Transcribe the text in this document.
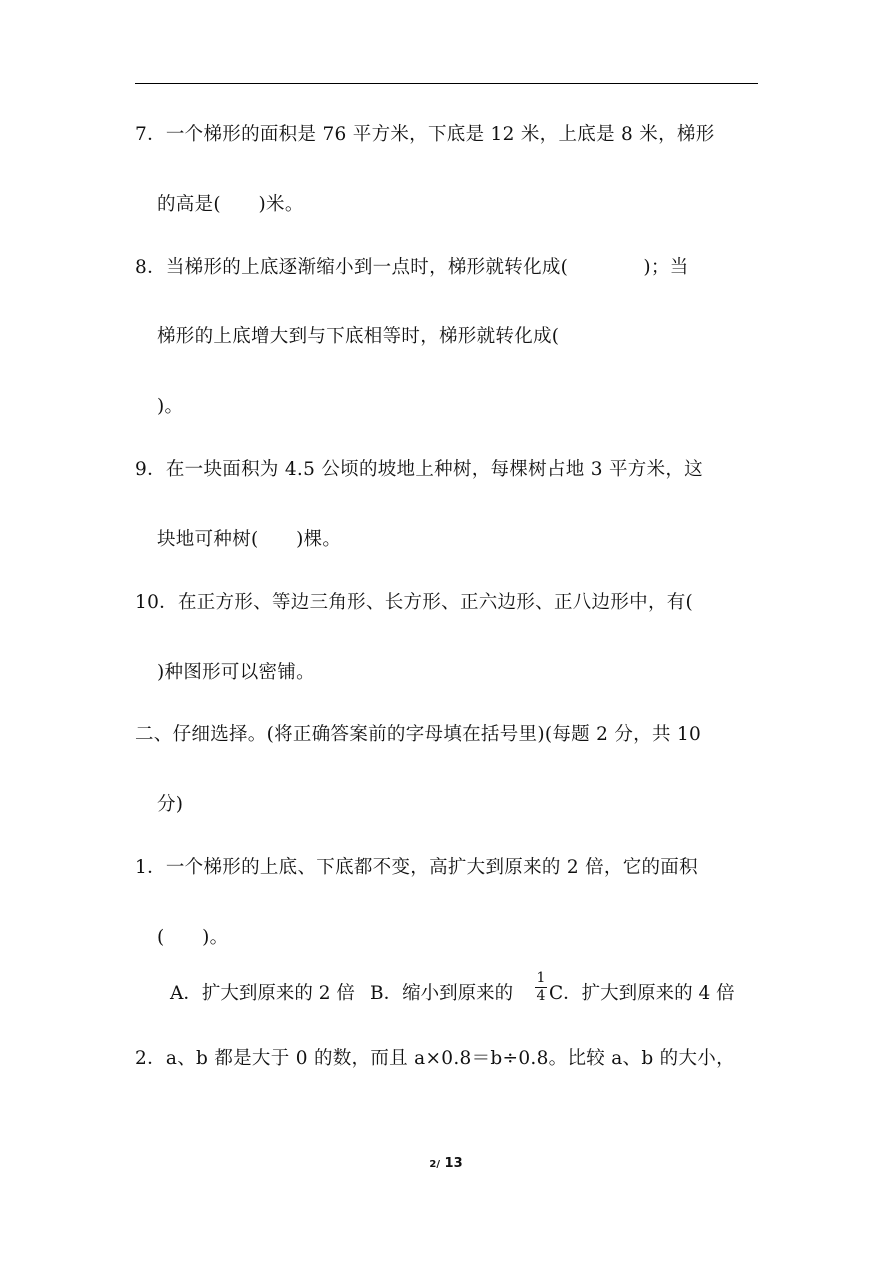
7．一个梯形的面积是 76 平方米，下底是 12 米，上底是 8 米，梯形
的高是(　　)米。
8．当梯形的上底逐渐缩小到一点时，梯形就转化成(　　　　)；当
梯形的上底增大到与下底相等时，梯形就转化成(
)。
9．在一块面积为 4.5 公顷的坡地上种树，每棵树占地 3 平方米，这
块地可种树(　　)棵。
10．在正方形、等边三角形、长方形、正六边形、正八边形中，有(
)种图形可以密铺。
二、仔细选择。(将正确答案前的字母填在括号里)(每题 2 分，共 10
分)
1．一个梯形的上底、下底都不变，高扩大到原来的 2 倍，它的面积
(　　)。
A．扩大到原来的 2 倍 B．缩小到原来的
1
4 C．扩大到原来的 4 倍
2．a、b 都是大于 0 的数，而且 a×0.8＝b÷0.8。比较 a、b 的大小，
2/ 13
